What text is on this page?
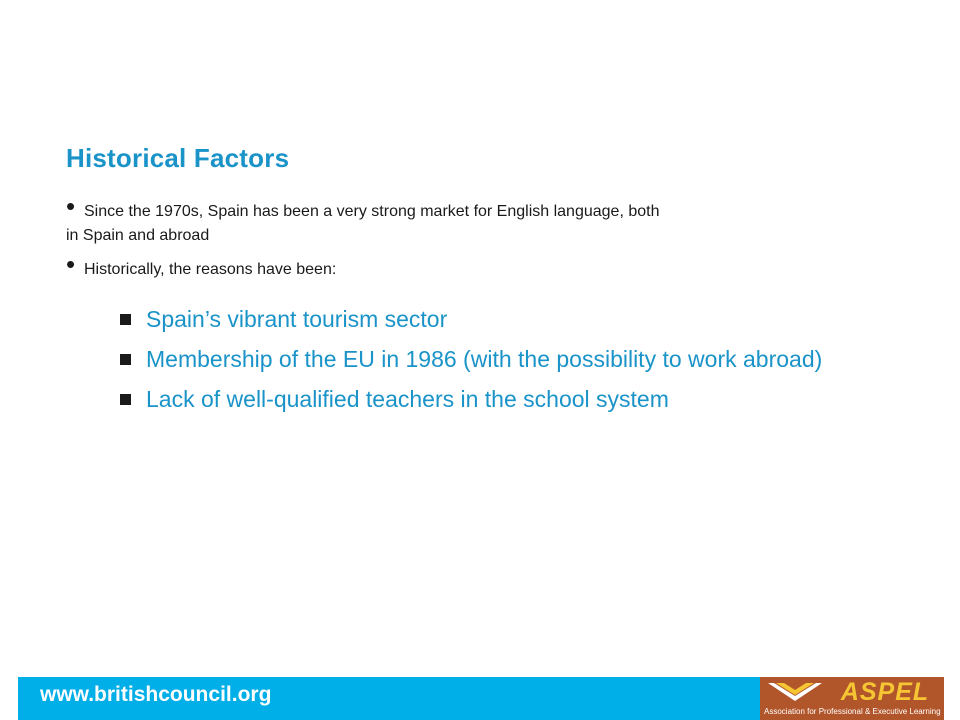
Historical Factors
• Since the 1970s, Spain has been a very strong market for English language, both
in Spain and abroad
• Historically, the reasons have been:
Spain’s vibrant tourism sector
Membership of the EU in 1986 (with the possibility to work abroad)
Lack of well-qualified teachers in the school system
www.britishcouncil.org	ASPEL
Association for Professional & Executive Learning
